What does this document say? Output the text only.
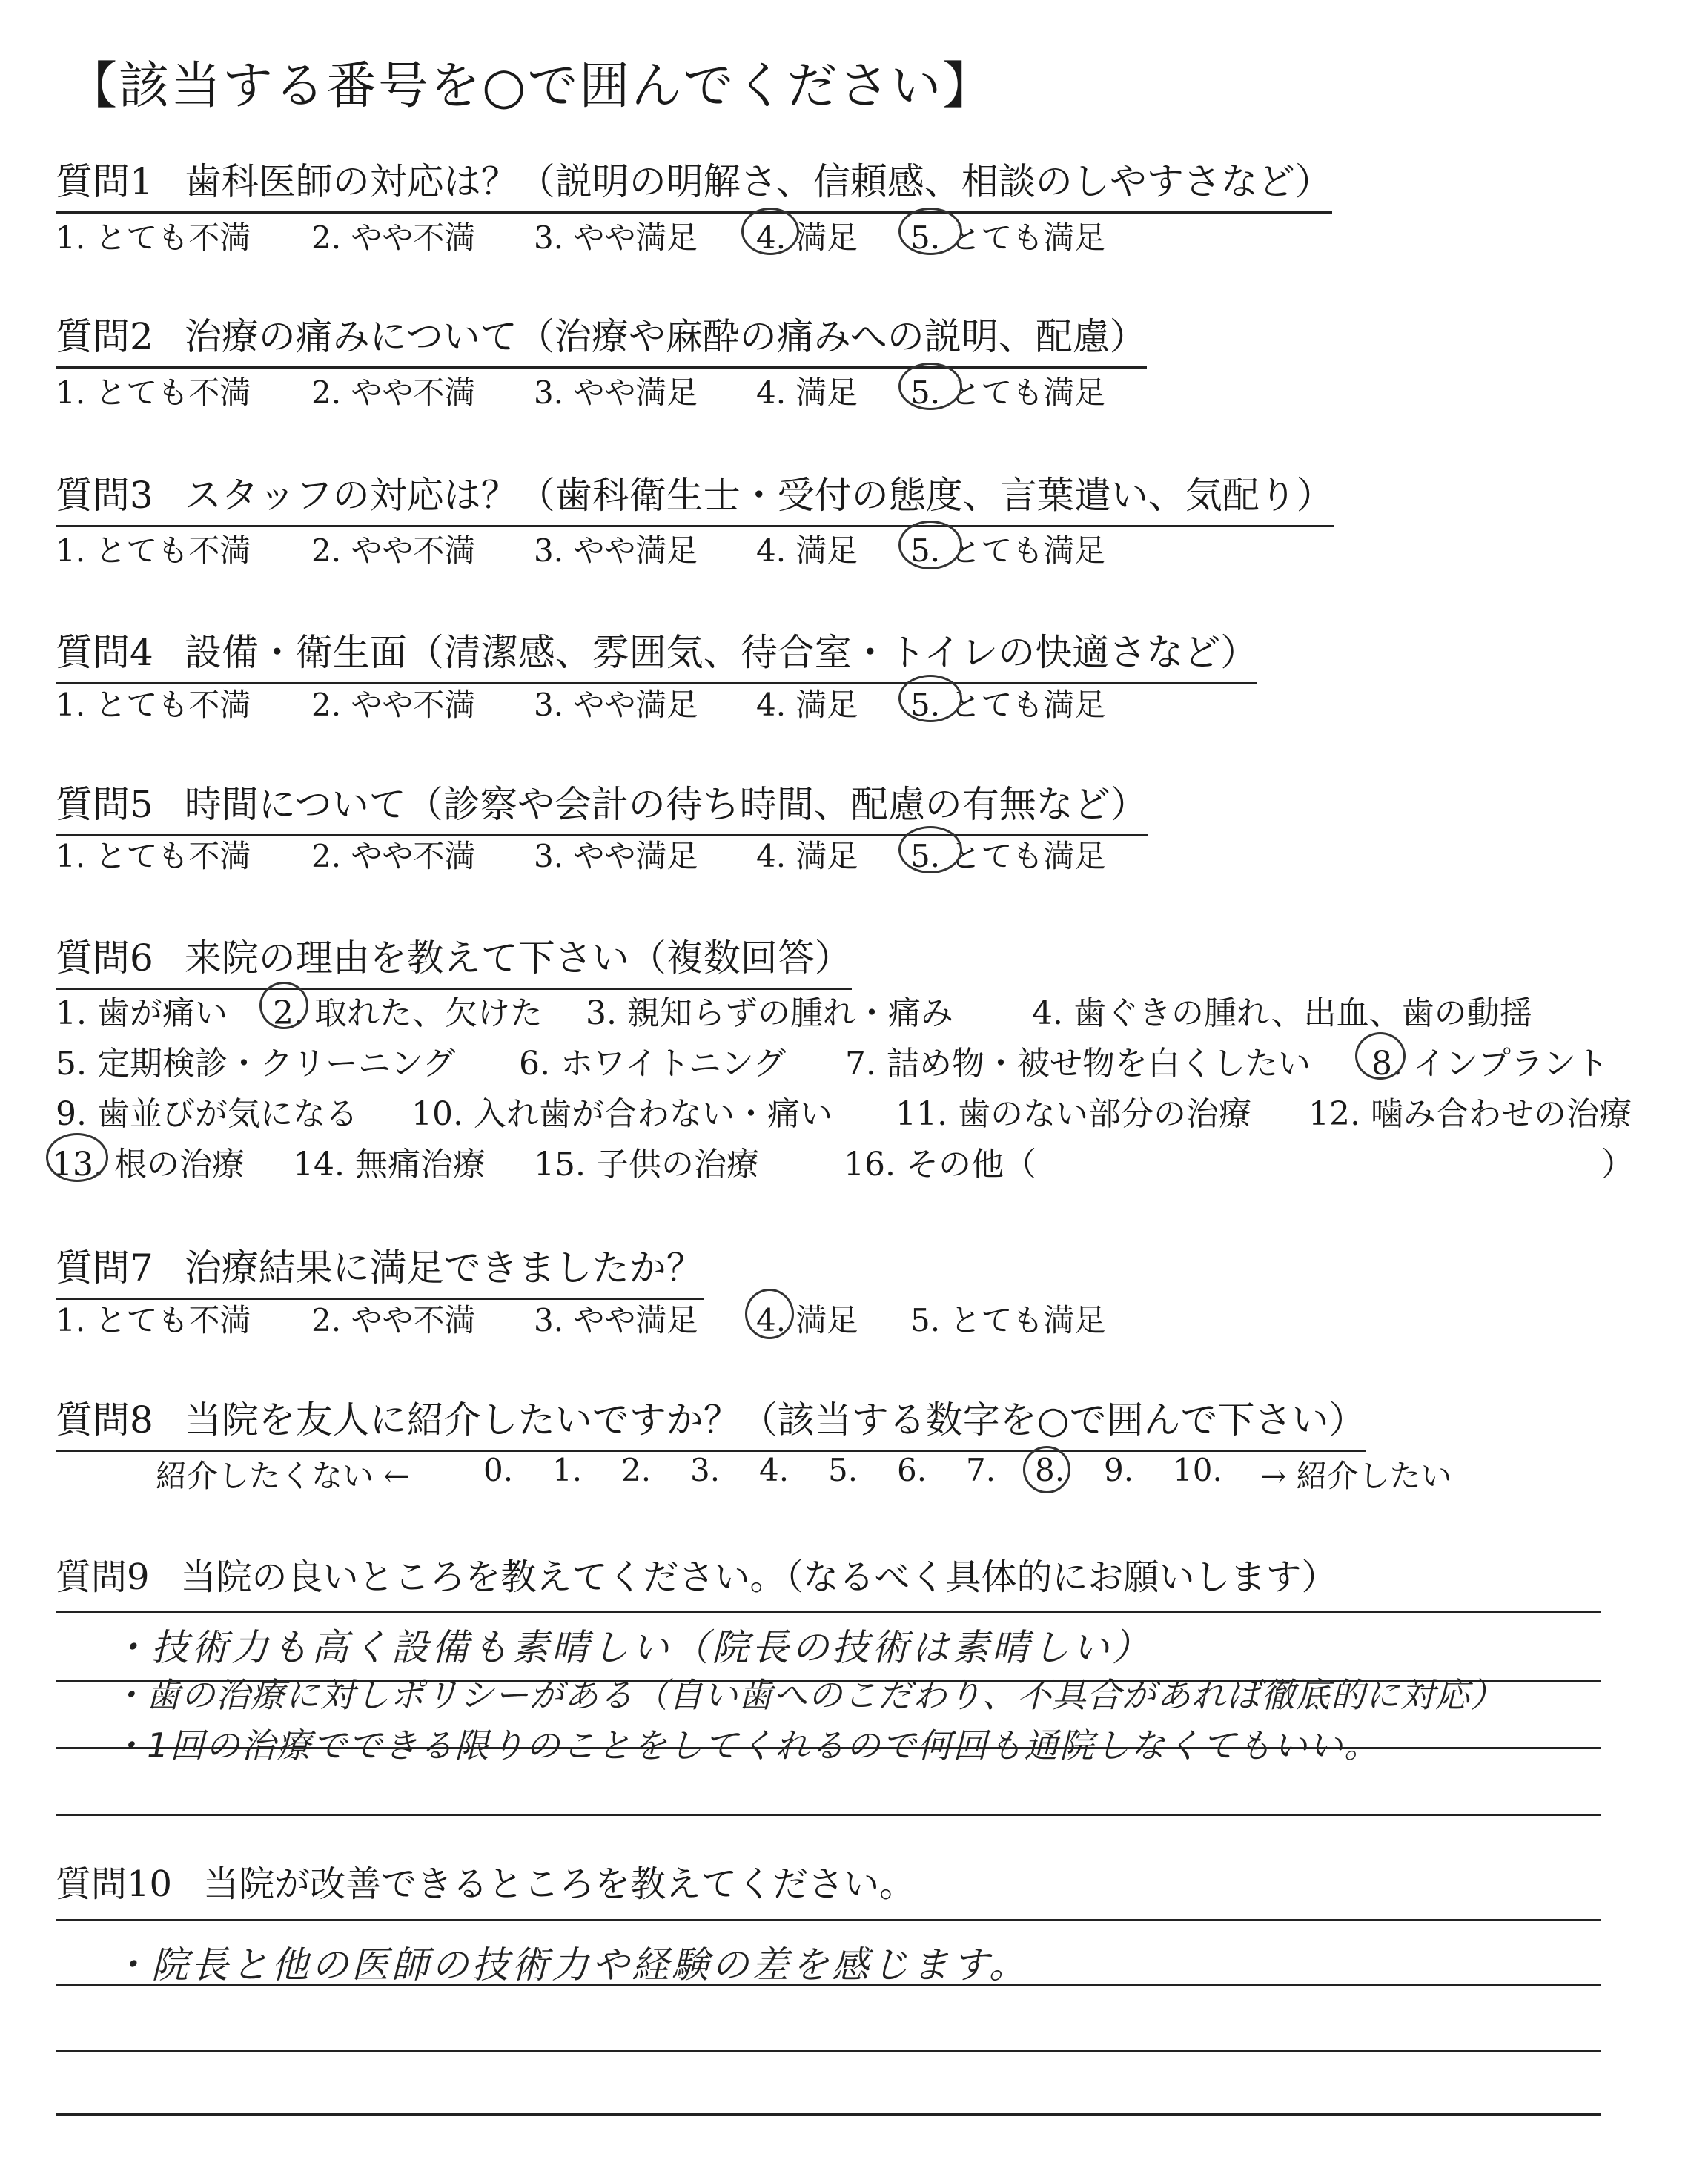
【該当する番号を○で囲んでください】
質問1 歯科医師の対応は？（説明の明解さ、信頼感、相談のしやすさなど）
1. とても不満 2. やや不満 3. やや満足 4. 満足 5. とても満足
質問2 治療の痛みについて（治療や麻酔の痛みへの説明、配慮）
1. とても不満 2. やや不満 3. やや満足 4. 満足 5. とても満足
質問3 スタッフの対応は？（歯科衛生士・受付の態度、言葉遣い、気配り）
1. とても不満 2. やや不満 3. やや満足 4. 満足 5. とても満足
質問4 設備・衛生面（清潔感、雰囲気、待合室・トイレの快適さなど）
1. とても不満 2. やや不満 3. やや満足 4. 満足 5. とても満足
質問5 時間について（診察や会計の待ち時間、配慮の有無など）
1. とても不満 2. やや不満 3. やや満足 4. 満足 5. とても満足
質問6 来院の理由を教えて下さい（複数回答）
1. 歯が痛い 2. 取れた、欠けた 3. 親知らずの腫れ・痛み 4. 歯ぐきの腫れ、出血、歯の動揺
5. 定期検診・クリーニング 6. ホワイトニング 7. 詰め物・被せ物を白くしたい 8. インプラント
9. 歯並びが気になる 10. 入れ歯が合わない・痛い 11. 歯のない部分の治療 12. 噛み合わせの治療
13. 根の治療 14. 無痛治療 15. 子供の治療	16. その他（	）
質問7 治療結果に満足できましたか？
1. とても不満 2. やや不満 3. やや満足 4. 満足 5. とても満足
質問8 当院を友人に紹介したいですか？（該当する数字を○で囲んで下さい）
紹介したくない ← 0. 1. 2. 3. 4. 5. 6. 7. 8. 9. 10. → 紹介したい
質問9 当院の良いところを教えてください。（なるべく具体的にお願いします）
・技術力も高く設備も素晴しい（院長の技術は素晴しい）
・歯の治療に対しポリシーがある（自い歯へのこだわり、不具合があれば徹底的に対応）
・1回の治療でできる限りのことをしてくれるので何回も通院しなくてもいい。
質問10 当院が改善できるところを教えてください。
・院長と他の医師の技術力や経験の差を感じます。
